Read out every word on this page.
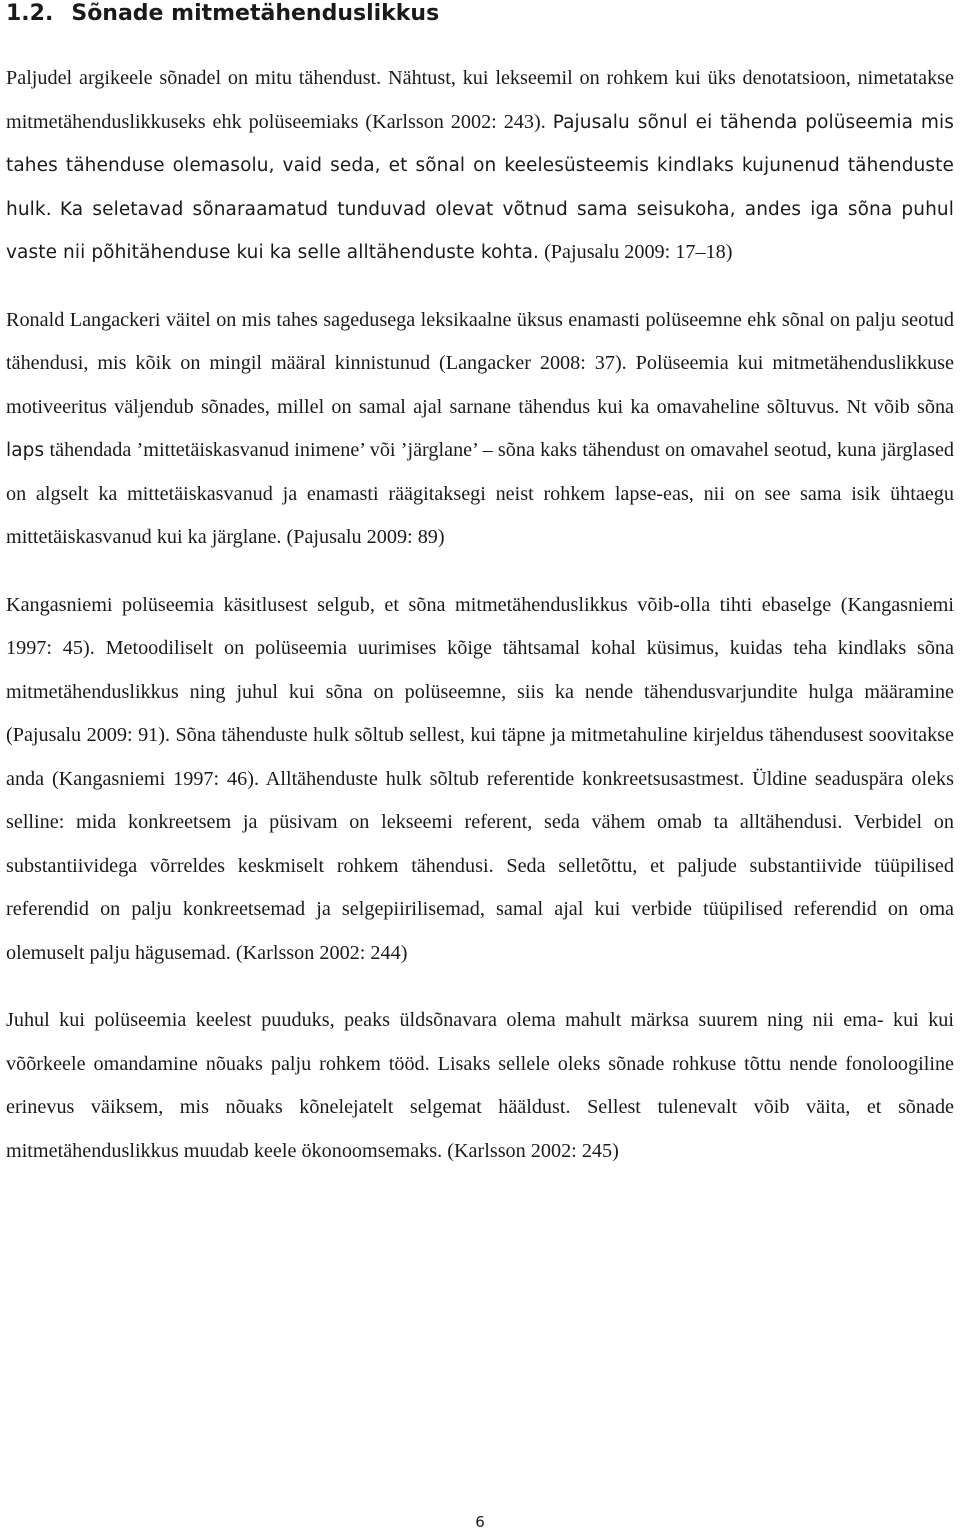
1.2. Sõnade mitmetähenduslikkus

Paljudel argikeele sõnadel on mitu tähendust. Nähtust, kui lekseemil on rohkem kui üks denotatsioon, nimetatakse mitmetähenduslikkuseks ehk polüseemiaks (Karlsson 2002: 243). Pajusalu sõnul ei tähenda polüseemia mis tahes tähenduse olemasolu, vaid seda, et sõnal on keelesüsteemis kindlaks kujunenud tähenduste hulk. Ka seletavad sõnaraamatud tunduvad olevat võtnud sama seisukoha, andes iga sõna puhul vaste nii põhitähenduse kui ka selle alltähenduste kohta. (Pajusalu 2009: 17–18)

Ronald Langackeri väitel on mis tahes sagedusega leksikaalne üksus enamasti polüseemne ehk sõnal on palju seotud tähendusi, mis kõik on mingil määral kinnistunud (Langacker 2008: 37). Polüseemia kui mitmetähenduslikkuse motiveeritus väljendub sõnades, millel on samal ajal sarnane tähendus kui ka omavaheline sõltuvus. Nt võib sõna laps tähendada ’mittetäiskasvanud inimene’ või ’järglane’ – sõna kaks tähendust on omavahel seotud, kuna järglased on algselt ka mittetäiskasvanud ja enamasti räägitaksegi neist rohkem lapse-eas, nii on see sama isik ühtaegu mittetäiskasvanud kui ka järglane. (Pajusalu 2009: 89)

Kangasniemi polüseemia käsitlusest selgub, et sõna mitmetähenduslikkus võib-olla tihti ebaselge (Kangasniemi 1997: 45). Metoodiliselt on polüseemia uurimises kõige tähtsamal kohal küsimus, kuidas teha kindlaks sõna mitmetähenduslikkus ning juhul kui sõna on polüseemne, siis ka nende tähendusvarjundite hulga määramine (Pajusalu 2009: 91). Sõna tähenduste hulk sõltub sellest, kui täpne ja mitmetahuline kirjeldus tähendusest soovitakse anda (Kangasniemi 1997: 46). Alltähenduste hulk sõltub referentide konkreetsusastmest. Üldine seaduspära oleks selline: mida konkreetsem ja püsivam on lekseemi referent, seda vähem omab ta alltähendusi. Verbidel on substantiividega võrreldes keskmiselt rohkem tähendusi. Seda selletõttu, et paljude substantiivide tüüpilised referendid on palju konkreetsemad ja selgepiirilisemad, samal ajal kui verbide tüüpilised referendid on oma olemuselt palju hägusemad. (Karlsson 2002: 244)

Juhul kui polüseemia keelest puuduks, peaks üldsõnavara olema mahult märksa suurem ning nii ema- kui kui võõrkeele omandamine nõuaks palju rohkem tööd. Lisaks sellele oleks sõnade rohkuse tõttu nende fonoloogiline erinevus väiksem, mis nõuaks kõnelejatelt selgemat hääldust. Sellest tulenevalt võib väita, et sõnade mitmetähenduslikkus muudab keele ökonoomsemaks. (Karlsson 2002: 245)

6
